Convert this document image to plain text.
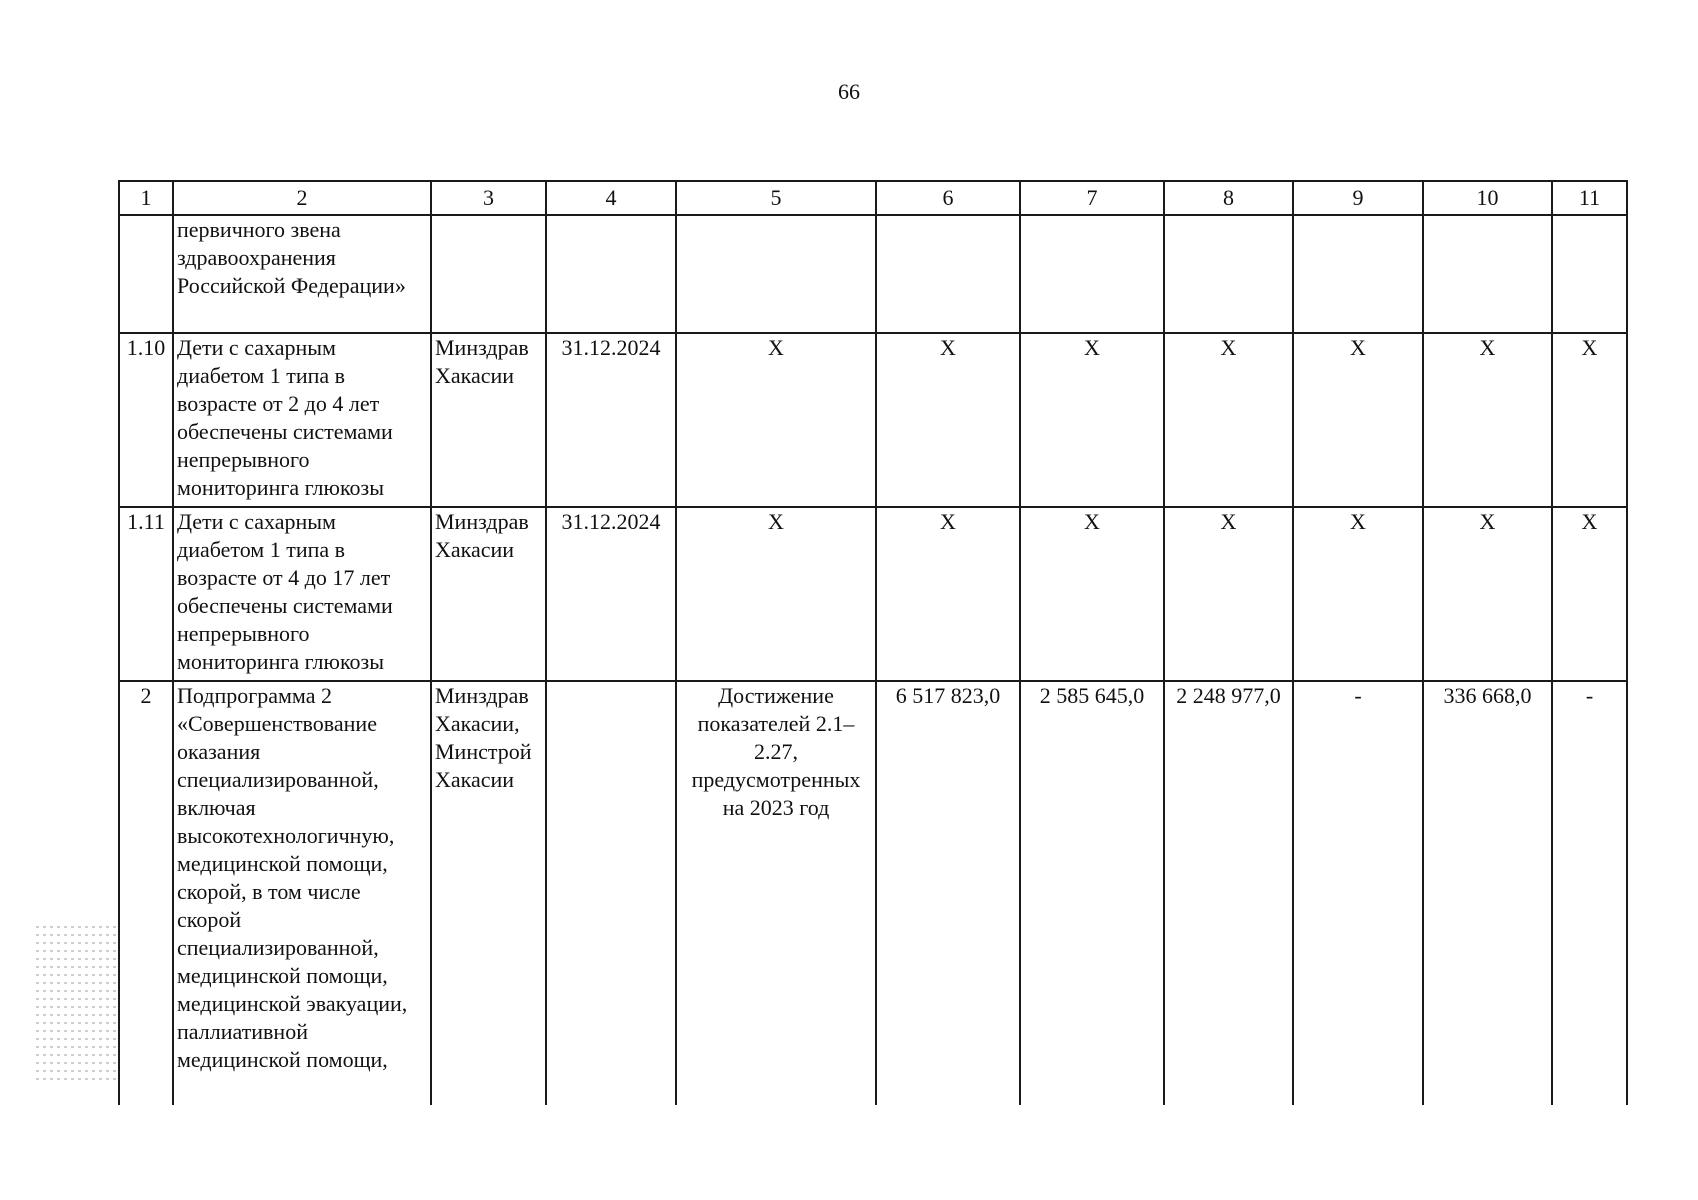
66
1	2	3	4	5	6	7	8	9	10	11
	первичного звена здравоохранения Российской Федерации»									
1.10	Дети с сахарным диабетом 1 типа в возрасте от 2 до 4 лет обеспечены системами непрерывного мониторинга глюкозы	Минздрав Хакасии	31.12.2024	Х	Х	Х	Х	Х	Х	Х
1.11	Дети с сахарным диабетом 1 типа в возрасте от 4 до 17 лет обеспечены системами непрерывного мониторинга глюкозы	Минздрав Хакасии	31.12.2024	Х	Х	Х	Х	Х	Х	Х
2	Подпрограмма 2 «Совершенствование оказания специализированной, включая высокотехнологичную, медицинской помощи, скорой, в том числе скорой специализированной, медицинской помощи, медицинской эвакуации, паллиативной медицинской помощи,	Минздрав Хакасии, Минстрой Хакасии		Достижение показателей 2.1–2.27, предусмотренных на 2023 год	6 517 823,0	2 585 645,0	2 248 977,0	-	336 668,0	-
